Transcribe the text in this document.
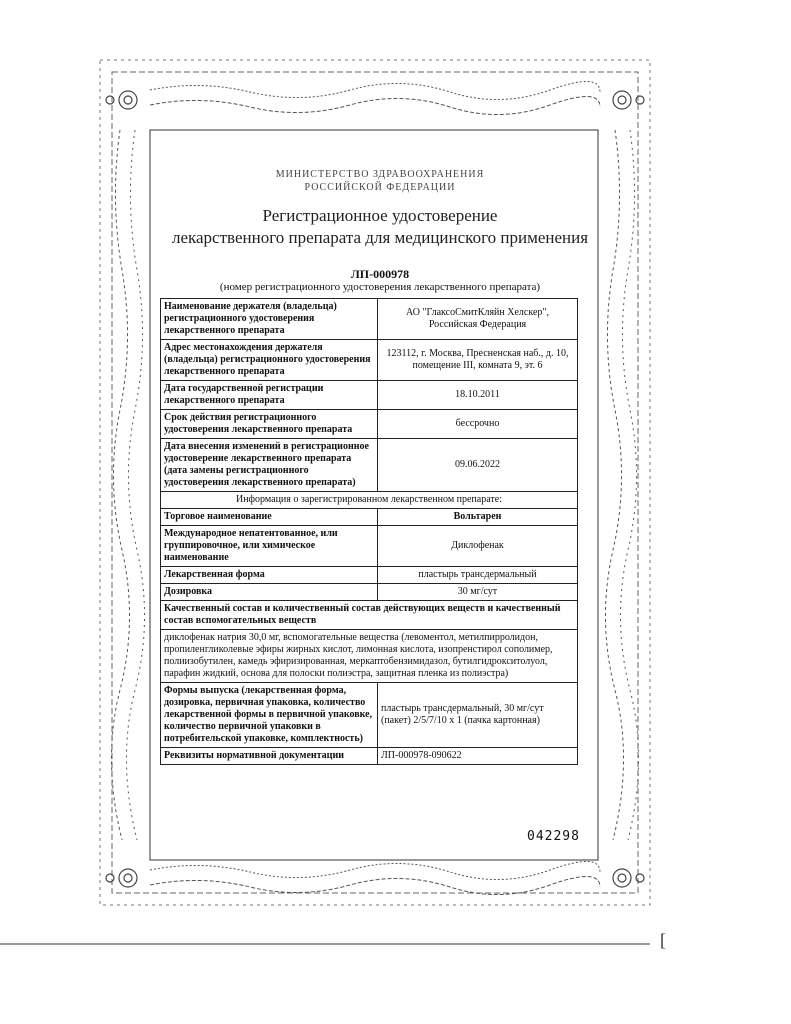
МИНИСТЕРСТВО ЗДРАВООХРАНЕНИЯ
РОССИЙСКОЙ ФЕДЕРАЦИИ
Регистрационное удостоверение
лекарственного препарата для медицинского применения
ЛП-000978
(номер регистрационного удостоверения лекарственного препарата)
Наименование держателя (владельца) регистрационного удостоверения лекарственного препарата	АО "ГлаксоСмитКляйн Хелскер", Российская Федерация
Адрес местонахождения держателя (владельца) регистрационного удостоверения лекарственного препарата	123112, г. Москва, Пресненская наб., д. 10, помещение III, комната 9, эт. 6
Дата государственной регистрации лекарственного препарата	18.10.2011
Срок действия регистрационного удостоверения лекарственного препарата	бессрочно
Дата внесения изменений в регистрационное удостоверение лекарственного препарата (дата замены регистрационного удостоверения лекарственного препарата)	09.06.2022
Информация о зарегистрированном лекарственном препарате:	
Торговое наименование	Вольтарен
Международное непатентованное, или группировочное, или химическое наименование	Диклофенак
Лекарственная форма	пластырь трансдермальный
Дозировка	30 мг/сут
Качественный состав и количественный состав действующих веществ и качественный состав вспомогательных веществ	
диклофенак натрия 30,0 мг, вспомогательные вещества (левоментол, метилпирролидон, пропиленгликолевые эфиры жирных кислот, лимонная кислота, изопренстирол сополимер, полиизобутилен, камедь эфиризированная, меркаптобензимидазол, бутилгидрокситолуол, парафин жидкий, основа для полоски полиэстра, защитная пленка из полиэстра)	
Формы выпуска (лекарственная форма, дозировка, первичная упаковка, количество лекарственной формы в первичной упаковке, количество первичной упаковки в потребительской упаковке, комплектность)	пластырь трансдермальный, 30 мг/сут (пакет) 2/5/7/10 х 1 (пачка картонная)
Реквизиты нормативной документации	ЛП-000978-090622
042298
[
